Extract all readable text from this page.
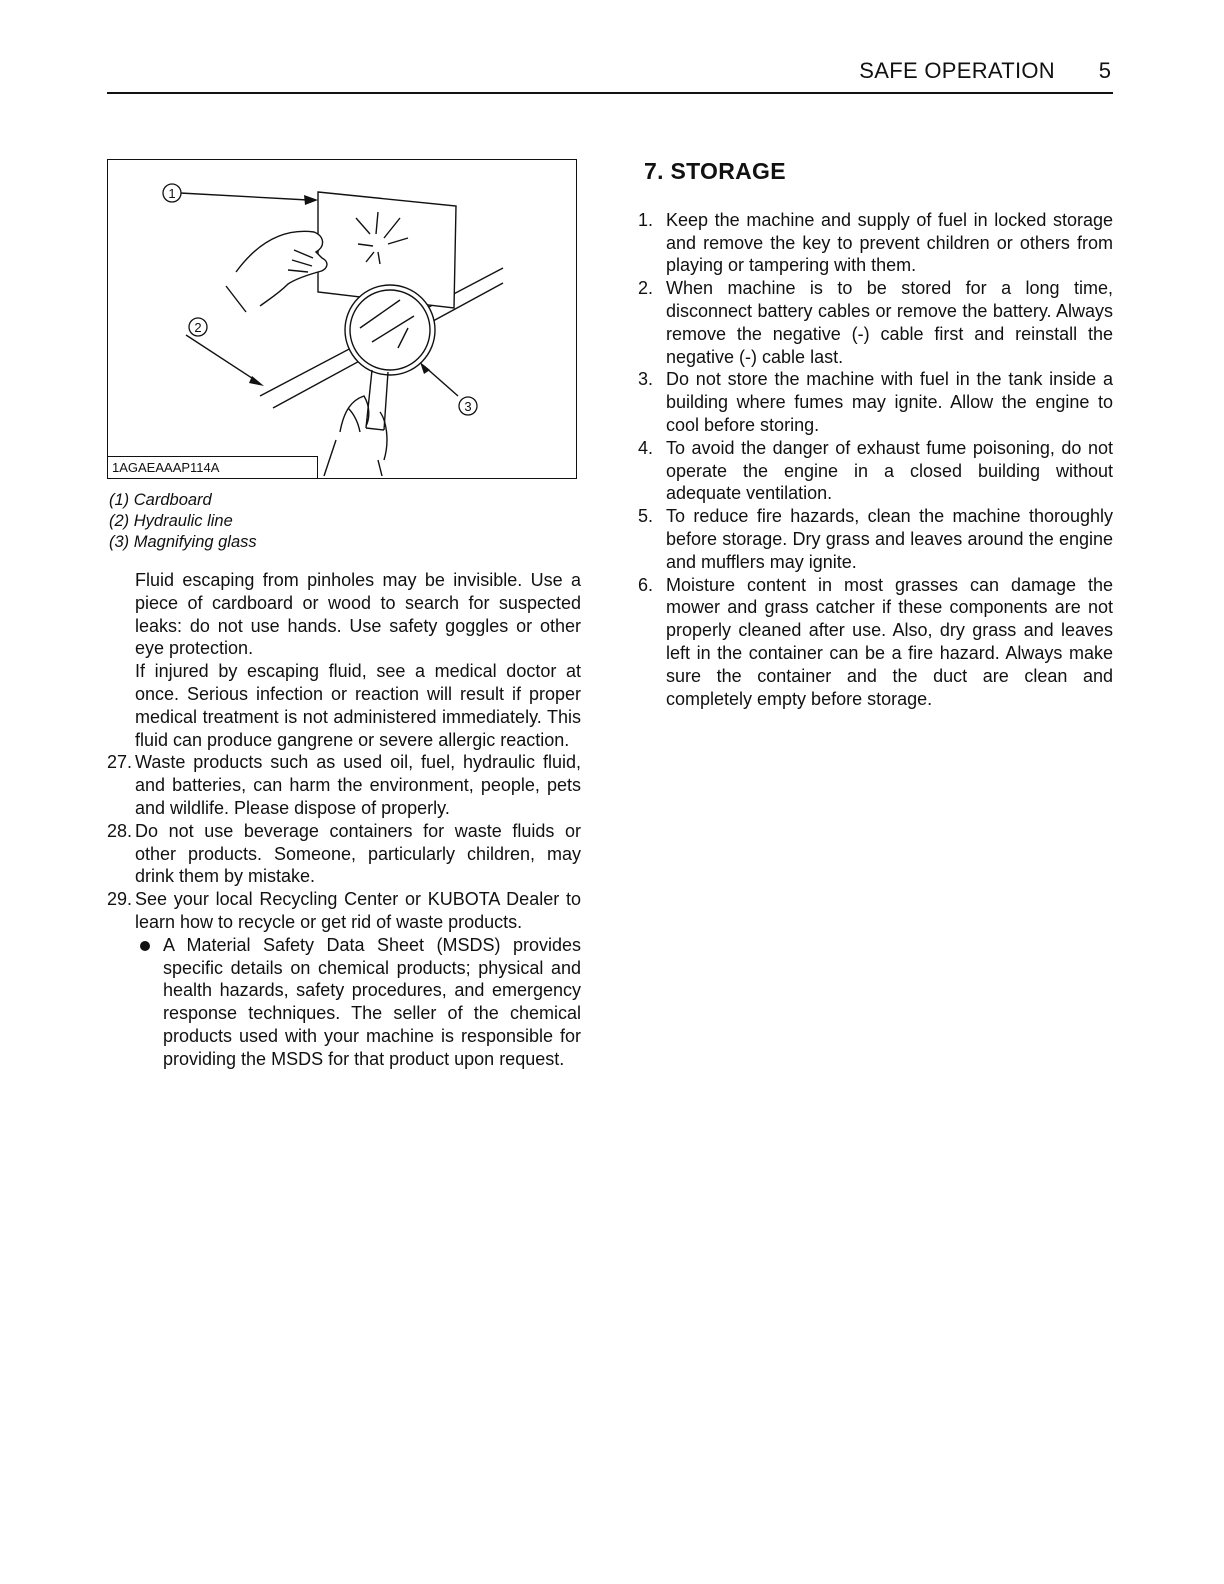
SAFE OPERATION 5
1
2
3
1AGAEAAAP114A
(1) Cardboard
(2) Hydraulic line
(3) Magnifying glass

Fluid escaping from pinholes may be invisible. Use a piece of cardboard or wood to search for suspected leaks: do not use hands. Use safety goggles or other eye protection.

If injured by escaping fluid, see a medical doctor at once. Serious infection or reaction will result if proper medical treatment is not administered immediately. This fluid can produce gangrene or severe allergic reaction.

27. Waste products such as used oil, fuel, hydraulic fluid, and batteries, can harm the environment, people, pets and wildlife. Please dispose of properly.
28. Do not use beverage containers for waste fluids or other products. Someone, particularly children, may drink them by mistake.
29. See your local Recycling Center or KUBOTA Dealer to learn how to recycle or get rid of waste products.
A Material Safety Data Sheet (MSDS) provides specific details on chemical products; physical and health hazards, safety procedures, and emergency response techniques. The seller of the chemical products used with your machine is responsible for providing the MSDS for that product upon request.
7. STORAGE
1. Keep the machine and supply of fuel in locked storage and remove the key to prevent children or others from playing or tampering with them.
2. When machine is to be stored for a long time, disconnect battery cables or remove the battery. Always remove the negative (-) cable first and reinstall the negative (-) cable last.
3. Do not store the machine with fuel in the tank inside a building where fumes may ignite. Allow the engine to cool before storing.
4. To avoid the danger of exhaust fume poisoning, do not operate the engine in a closed building without adequate ventilation.
5. To reduce fire hazards, clean the machine thoroughly before storage. Dry grass and leaves around the engine and mufflers may ignite.
6. Moisture content in most grasses can damage the mower and grass catcher if these components are not properly cleaned after use. Also, dry grass and leaves left in the container can be a fire hazard. Always make sure the container and the duct are clean and completely empty before storage.
